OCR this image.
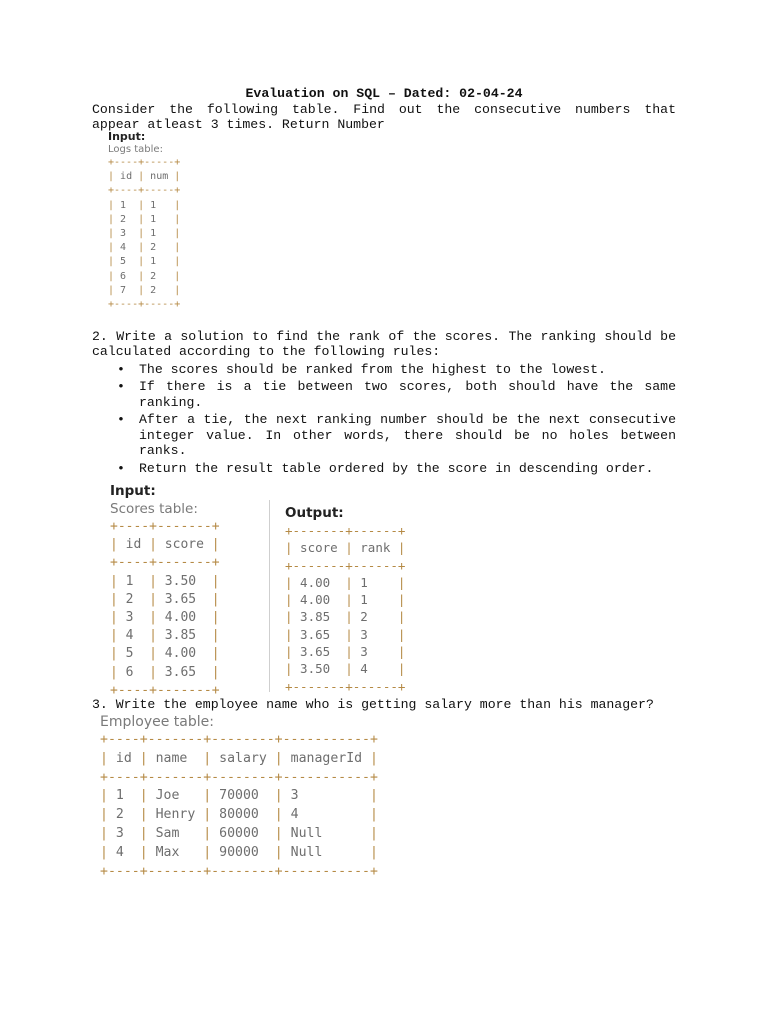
Evaluation on SQL – Dated: 02-04-24

Consider the following table. Find out the consecutive numbers that appear atleast 3 times. Return Number

2. Write a solution to find the rank of the scores. The ranking should be calculated according to the following rules:

• The scores should be ranked from the highest to the lowest.
• If there is a tie between two scores, both should have the same ranking.
• After a tie, the next ranking number should be the next consecutive integer value. In other words, there should be no holes between ranks.
• Return the result table ordered by the score in descending order.
Input:
Logs table:
+----+-----+
| id | num |
+----+-----+
| 1  | 1   |
| 2  | 1   |
| 3  | 1   |
| 4  | 2   |
| 5  | 1   |
| 6  | 2   |
| 7  | 2   |
+----+-----+
Input:
Scores table:
+----+-------+
| id | score |
+----+-------+
| 1  | 3.50  |
| 2  | 3.65  |
| 3  | 4.00  |
| 4  | 3.85  |
| 5  | 4.00  |
| 6  | 3.65  |
+----+-------+
Output:
+-------+------+
| score | rank |
+-------+------+
| 4.00  | 1    |
| 4.00  | 1    |
| 3.85  | 2    |
| 3.65  | 3    |
| 3.65  | 3    |
| 3.50  | 4    |
+-------+------+
Employee table:
+----+-------+--------+-----------+
| id | name  | salary | managerId |
+----+-------+--------+-----------+
| 1  | Joe   | 70000  | 3         |
| 2  | Henry | 80000  | 4         |
| 3  | Sam   | 60000  | Null      |
| 4  | Max   | 90000  | Null      |
+----+-------+--------+-----------+

3. Write the employee name who is getting salary more than his manager?
